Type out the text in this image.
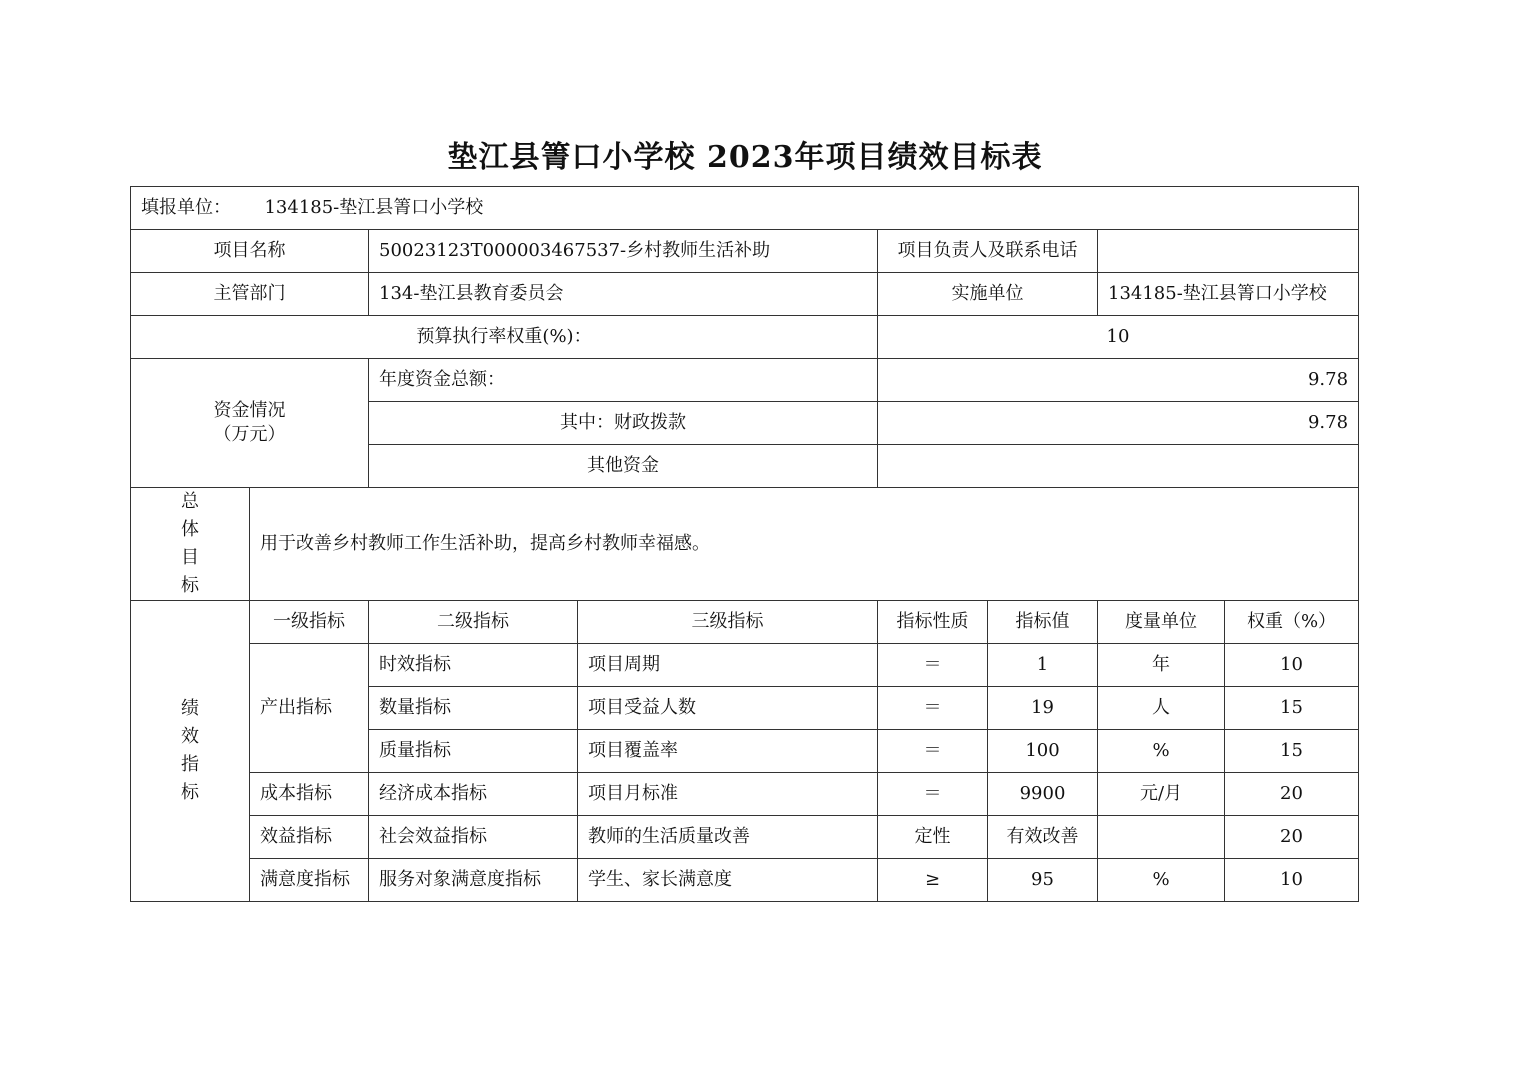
垫江县箐口小学校 2023年项目绩效目标表
填报单位： 134185-垫江县箐口小学校							
项目名称		50023123T000003467537-乡村教师生活补助		项目负责人及联系电话			
主管部门		134-垫江县教育委员会		实施单位		134185-垫江县箐口小学校	
预算执行率权重(%)：				10			

资金情况
（万元）		年度资金总额：		9.78			
		其中：财政拨款		9.78			
		其他资金					

总
体
目
标	用于改善乡村教师工作生活补助，提高乡村教师幸福感。						

绩
效
指
标	一级指标	二级指标	三级指标	指标性质	指标值	度量单位	权重（%）
	产出指标	时效指标	项目周期	＝	1	年	10
		数量指标	项目受益人数	＝	19	人	15
		质量指标	项目覆盖率	＝	100	%	15
	成本指标	经济成本指标	项目月标准	＝	9900	元/月	20
	效益指标	社会效益指标	教师的生活质量改善	定性	有效改善		20
	满意度指标	服务对象满意度指标	学生、家长满意度	≥	95	%	10
